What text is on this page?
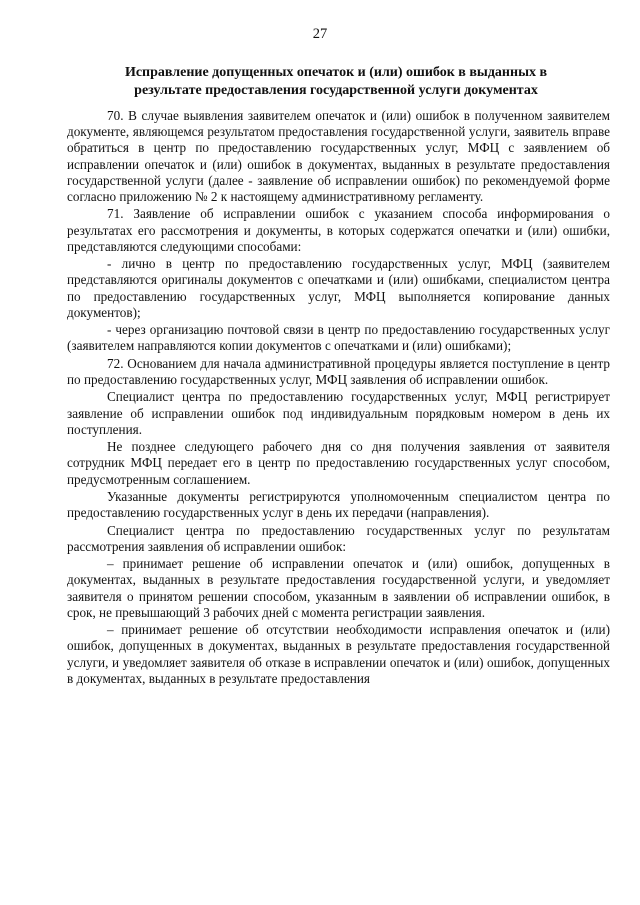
27
Исправление допущенных опечаток и (или) ошибок в выданных в результате предоставления государственной услуги документах

70. В случае выявления заявителем опечаток и (или) ошибок в полученном заявителем документе, являющемся результатом предоставления государственной услуги, заявитель вправе обратиться в центр по предоставлению государственных услуг, МФЦ с заявлением об исправлении опечаток и (или) ошибок в документах, выданных в результате предоставления государственной услуги (далее - заявление об исправлении ошибок) по рекомендуемой форме согласно приложению № 2 к настоящему административному регламенту.

71. Заявление об исправлении ошибок с указанием способа информирования о результатах его рассмотрения и документы, в которых содержатся опечатки и (или) ошибки, представляются следующими способами:

- лично в центр по предоставлению государственных услуг, МФЦ (заявителем представляются оригиналы документов с опечатками и (или) ошибками, специалистом центра по предоставлению государственных услуг, МФЦ выполняется копирование данных документов);

- через организацию почтовой связи в центр по предоставлению государственных услуг (заявителем направляются копии документов с опечатками и (или) ошибками);

72. Основанием для начала административной процедуры является поступление в центр по предоставлению государственных услуг, МФЦ заявления об исправлении ошибок.

Специалист центра по предоставлению государственных услуг, МФЦ регистрирует заявление об исправлении ошибок под индивидуальным порядковым номером в день их поступления.

Не позднее следующего рабочего дня со дня получения заявления от заявителя сотрудник МФЦ передает его в центр по предоставлению государственных услуг способом, предусмотренным соглашением.

Указанные документы регистрируются уполномоченным специалистом центра по предоставлению государственных услуг в день их передачи (направления).

Специалист центра по предоставлению государственных услуг по результатам рассмотрения заявления об исправлении ошибок:

– принимает решение об исправлении опечаток и (или) ошибок, допущенных в документах, выданных в результате предоставления государственной услуги, и уведомляет заявителя о принятом решении способом, указанным в заявлении об исправлении ошибок, в срок, не превышающий 3 рабочих дней с момента регистрации заявления.

– принимает решение об отсутствии необходимости исправления опечаток и (или) ошибок, допущенных в документах, выданных в результате предоставления государственной услуги, и уведомляет заявителя об отказе в исправлении опечаток и (или) ошибок, допущенных в документах, выданных в результате предоставления
